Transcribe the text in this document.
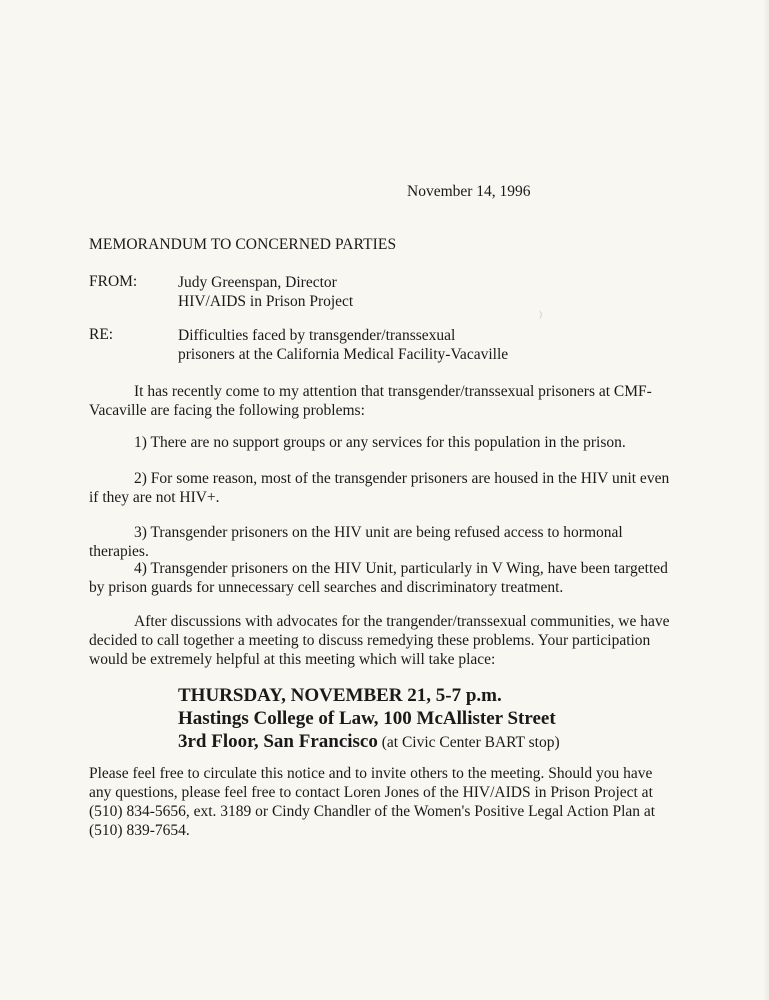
November 14, 1996
MEMORANDUM TO CONCERNED PARTIES
FROM:	Judy Greenspan, Director
HIV/AIDS in Prison Project
RE:	Difficulties faced by transgender/transsexual
prisoners at the California Medical Facility-Vacaville
)
It has recently come to my attention that transgender/transsexual prisoners at CMF-Vacaville are facing the following problems:
1) There are no support groups or any services for this population in the prison.
2) For some reason, most of the transgender prisoners are housed in the HIV unit even if they are not HIV+.
3) Transgender prisoners on the HIV unit are being refused access to hormonal therapies.
4) Transgender prisoners on the HIV Unit, particularly in V Wing, have been targetted by prison guards for unnecessary cell searches and discriminatory treatment.
After discussions with advocates for the trangender/transsexual communities, we have decided to call together a meeting to discuss remedying these problems. Your participation would be extremely helpful at this meeting which will take place:
THURSDAY, NOVEMBER 21, 5-7 p.m.
Hastings College of Law, 100 McAllister Street
3rd Floor, San Francisco (at Civic Center BART stop)
Please feel free to circulate this notice and to invite others to the meeting. Should you have any questions, please feel free to contact Loren Jones of the HIV/AIDS in Prison Project at (510) 834-5656, ext. 3189 or Cindy Chandler of the Women's Positive Legal Action Plan at (510) 839-7654.
